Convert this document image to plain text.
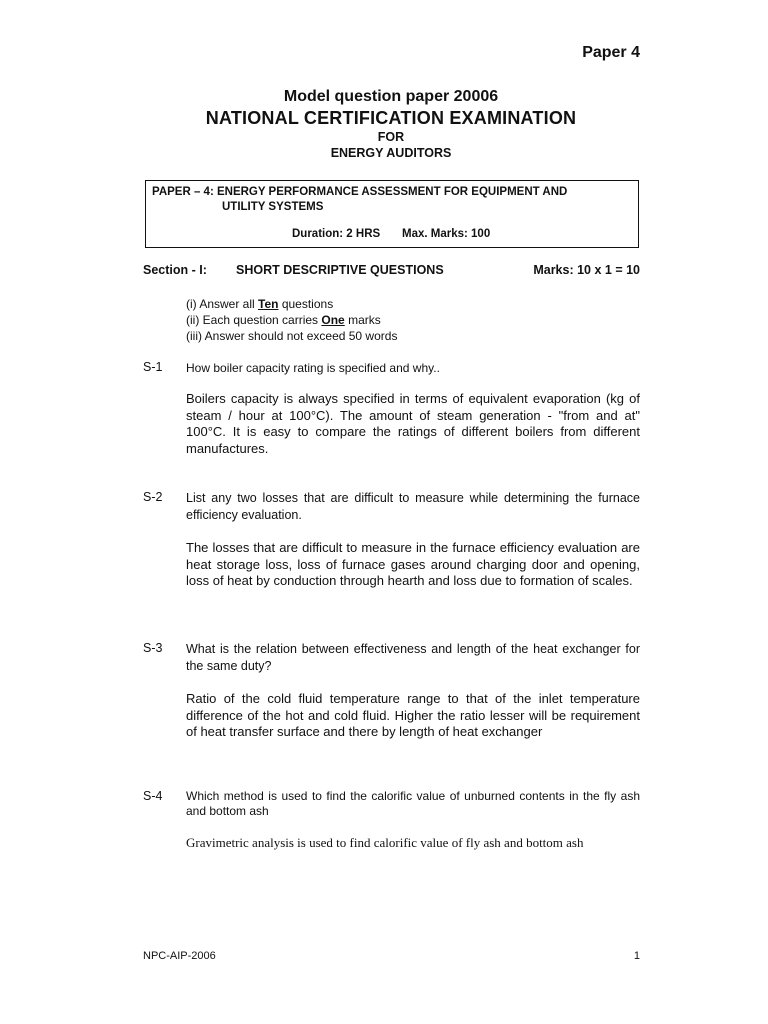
Paper 4
Model question paper 20006
NATIONAL CERTIFICATION EXAMINATION
FOR
ENERGY AUDITORS
PAPER – 4: ENERGY PERFORMANCE ASSESSMENT FOR EQUIPMENT AND
UTILITY SYSTEMS
Duration: 2 HRS Max. Marks: 100
Section - I: SHORT DESCRIPTIVE QUESTIONS	Marks: 10 x 1 = 10
(i) Answer all Ten questions
(ii) Each question carries One marks
(iii) Answer should not exceed 50 words
S-1 How boiler capacity rating is specified and why..
Boilers capacity is always specified in terms of equivalent evaporation (kg of steam / hour at 100°C). The amount of steam generation - "from and at" 100°C. It is easy to compare the ratings of different boilers from different manufactures.
S-2 List any two losses that are difficult to measure while determining the furnace efficiency evaluation.
The losses that are difficult to measure in the furnace efficiency evaluation are heat storage loss, loss of furnace gases around charging door and opening, loss of heat by conduction through hearth and loss due to formation of scales.
S-3 What is the relation between effectiveness and length of the heat exchanger for the same duty?
Ratio of the cold fluid temperature range to that of the inlet temperature difference of the hot and cold fluid. Higher the ratio lesser will be requirement of heat transfer surface and there by length of heat exchanger
S-4 Which method is used to find the calorific value of unburned contents in the fly ash and bottom ash
Gravimetric analysis is used to find calorific value of fly ash and bottom ash
NPC-AIP-2006	1
